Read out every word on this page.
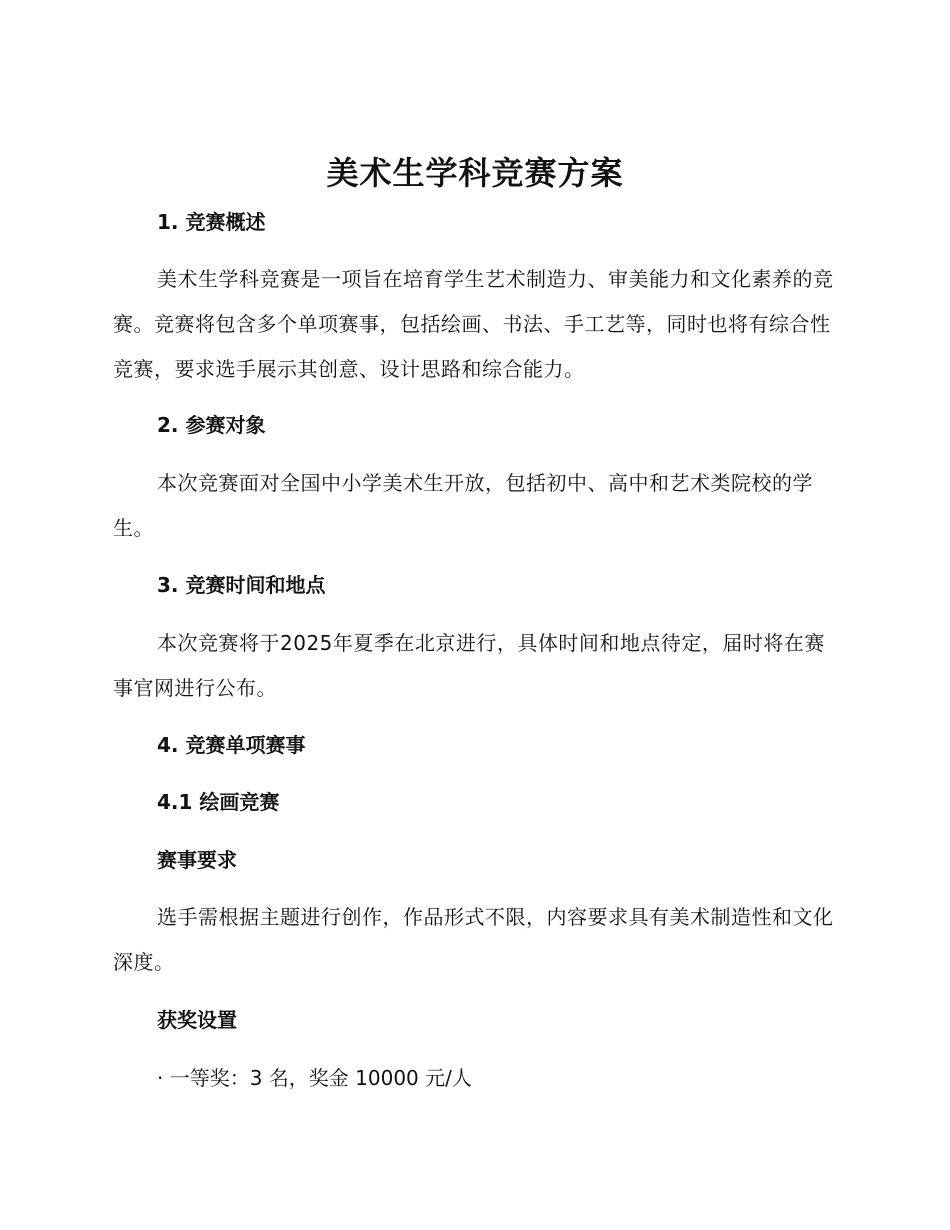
美术生学科竞赛方案
1. 竞赛概述

美术生学科竞赛是一项旨在培育学生艺术制造力、审美能力和文化素养的竞赛。竞赛将包含多个单项赛事，包括绘画、书法、手工艺等，同时也将有综合性竞赛，要求选手展示其创意、设计思路和综合能力。

2. 参赛对象

本次竞赛面对全国中小学美术生开放，包括初中、高中和艺术类院校的学生。

3. 竞赛时间和地点

本次竞赛将于2025年夏季在北京进行，具体时间和地点待定，届时将在赛事官网进行公布。

4. 竞赛单项赛事
4.1 绘画竞赛
赛事要求

选手需根据主题进行创作，作品形式不限，内容要求具有美术制造性和文化深度。

获奖设置
· 一等奖：3 名，奖金 10000 元/人
